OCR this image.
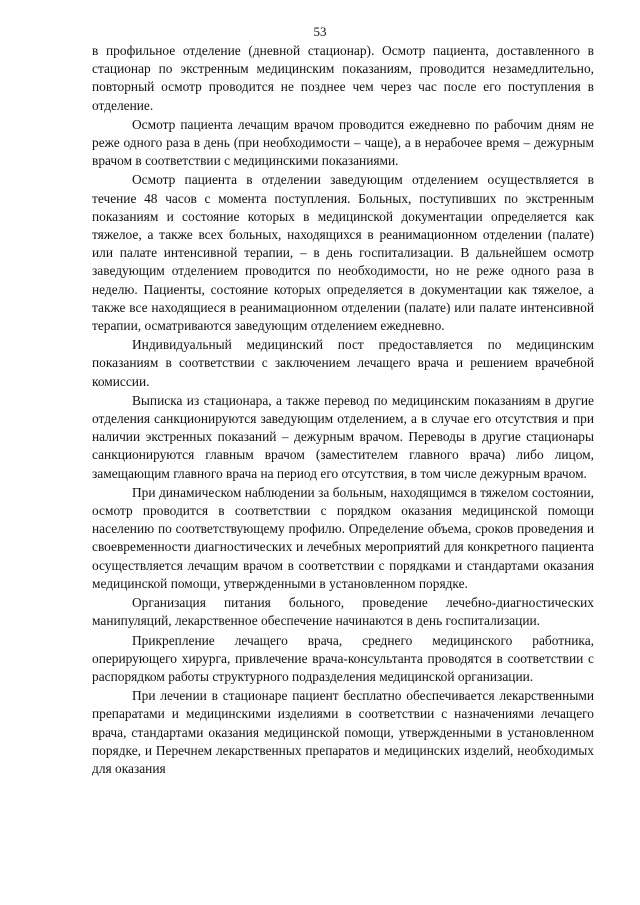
53

в профильное отделение (дневной стационар). Осмотр пациента, доставленного в стационар по экстренным медицинским показаниям, проводится незамедлительно, повторный осмотр проводится не позднее чем через час после его поступления в отделение.

Осмотр пациента лечащим врачом проводится ежедневно по рабочим дням не реже одного раза в день (при необходимости – чаще), а в нерабочее время – дежурным врачом в соответствии с медицинскими показаниями.

Осмотр пациента в отделении заведующим отделением осуществляется в течение 48 часов с момента поступления. Больных, поступивших по экстренным показаниям и состояние которых в медицинской документации определяется как тяжелое, а также всех больных, находящихся в реанимационном отделении (палате) или палате интенсивной терапии, – в день госпитализации. В дальнейшем осмотр заведующим отделением проводится по необходимости, но не реже одного раза в неделю. Пациенты, состояние которых определяется в документации как тяжелое, а также все находящиеся в реанимационном отделении (палате) или палате интенсивной терапии, осматриваются заведующим отделением ежедневно.

Индивидуальный медицинский пост предоставляется по медицинским показаниям в соответствии с заключением лечащего врача и решением врачебной комиссии.

Выписка из стационара, а также перевод по медицинским показаниям в другие отделения санкционируются заведующим отделением, а в случае его отсутствия и при наличии экстренных показаний – дежурным врачом. Переводы в другие стационары санкционируются главным врачом (заместителем главного врача) либо лицом, замещающим главного врача на период его отсутствия, в том числе дежурным врачом.

При динамическом наблюдении за больным, находящимся в тяжелом состоянии, осмотр проводится в соответствии с порядком оказания медицинской помощи населению по соответствующему профилю. Определение объема, сроков проведения и своевременности диагностических и лечебных мероприятий для конкретного пациента осуществляется лечащим врачом в соответствии с порядками и стандартами оказания медицинской помощи, утвержденными в установленном порядке.

Организация питания больного, проведение лечебно-диагностических манипуляций, лекарственное обеспечение начинаются в день госпитализации.

Прикрепление лечащего врача, среднего медицинского работника, оперирующего хирурга, привлечение врача-консультанта проводятся в соответствии с распорядком работы структурного подразделения медицинской организации.

При лечении в стационаре пациент бесплатно обеспечивается лекарственными препаратами и медицинскими изделиями в соответствии с назначениями лечащего врача, стандартами оказания медицинской помощи, утвержденными в установленном порядке, и Перечнем лекарственных препаратов и медицинских изделий, необходимых для оказания
